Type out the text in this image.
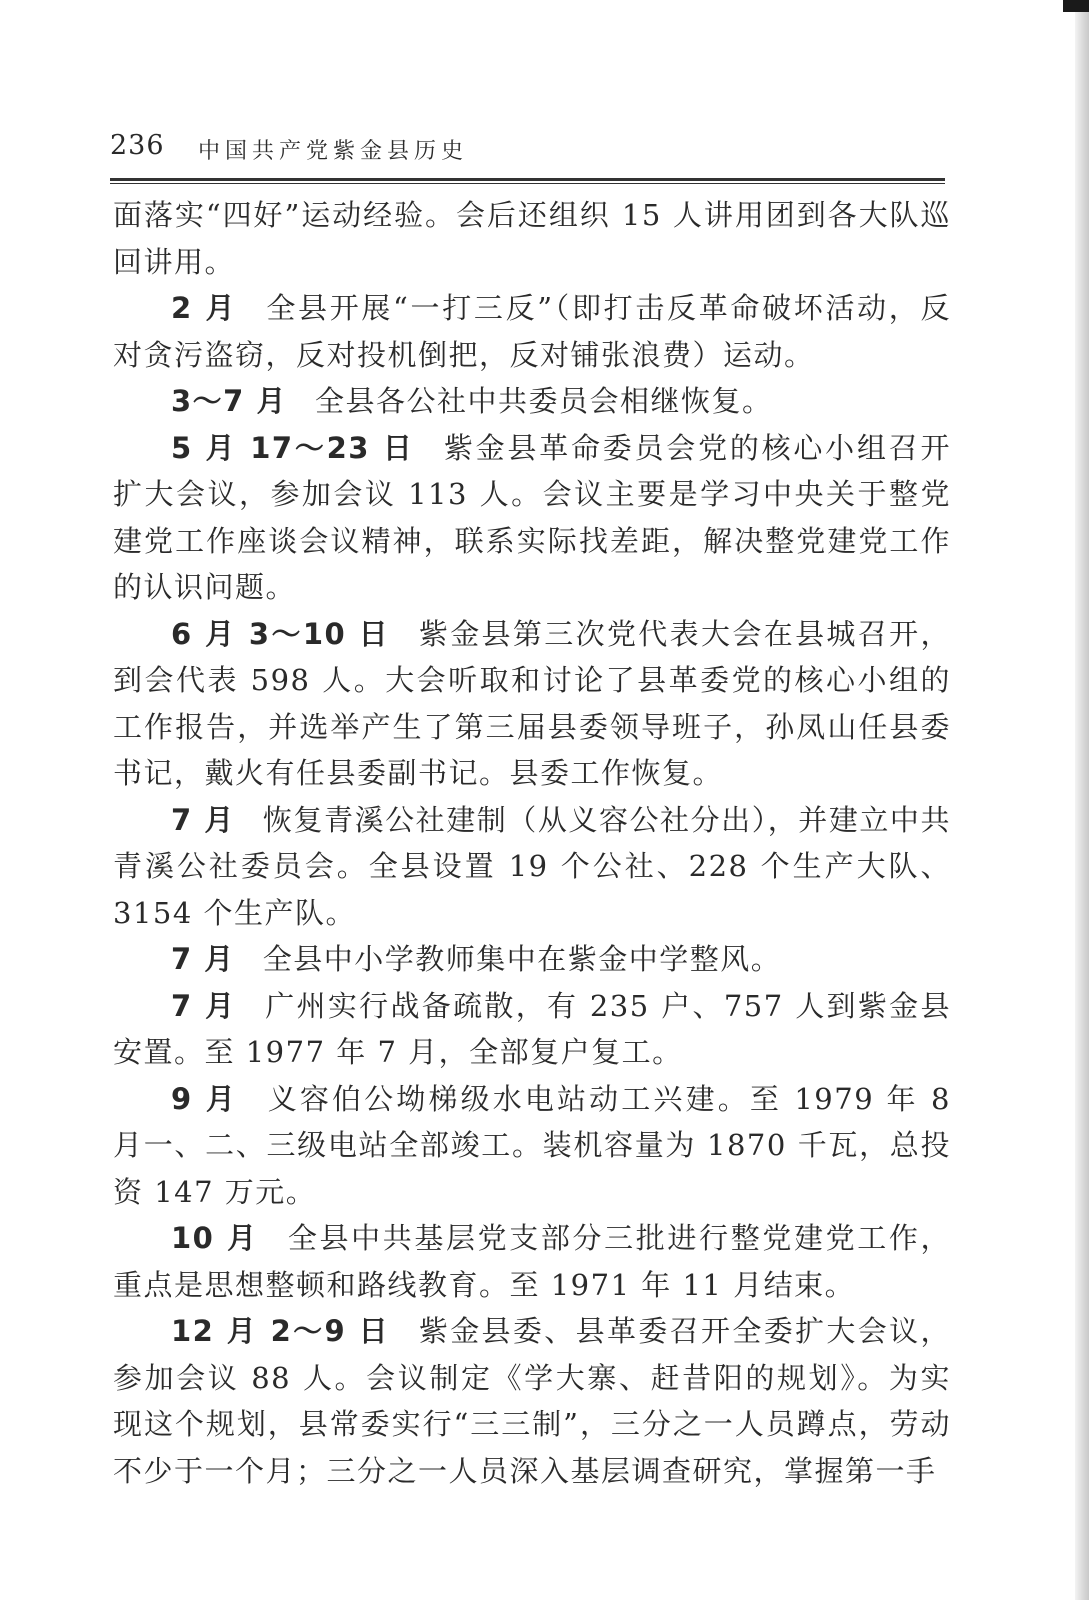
236 中国共产党紫金县历史

面落实“四好”运动经验。会后还组织 15 人讲用团到各大队巡回讲用。

2 月 全县开展“一打三反”（即打击反革命破坏活动，反对贪污盗窃，反对投机倒把，反对铺张浪费）运动。

3～7 月 全县各公社中共委员会相继恢复。

5 月 17～23 日 紫金县革命委员会党的核心小组召开扩大会议，参加会议 113 人。会议主要是学习中央关于整党建党工作座谈会议精神，联系实际找差距，解决整党建党工作的认识问题。

6 月 3～10 日 紫金县第三次党代表大会在县城召开，到会代表 598 人。大会听取和讨论了县革委党的核心小组的工作报告，并选举产生了第三届县委领导班子，孙凤山任县委书记，戴火有任县委副书记。县委工作恢复。

7 月 恢复青溪公社建制（从义容公社分出），并建立中共青溪公社委员会。全县设置 19 个公社、228 个生产大队、3154 个生产队。

7 月 全县中小学教师集中在紫金中学整风。

7 月 广州实行战备疏散，有 235 户、757 人到紫金县安置。至 1977 年 7 月，全部复户复工。

9 月 义容伯公坳梯级水电站动工兴建。至 1979 年 8 月一、二、三级电站全部竣工。装机容量为 1870 千瓦，总投资 147 万元。

10 月 全县中共基层党支部分三批进行整党建党工作，重点是思想整顿和路线教育。至 1971 年 11 月结束。

12 月 2～9 日 紫金县委、县革委召开全委扩大会议，参加会议 88 人。会议制定《学大寨、赶昔阳的规划》。为实现这个规划，县常委实行“三三制”，三分之一人员蹲点，劳动不少于一个月；三分之一人员深入基层调查研究，掌握第一手
